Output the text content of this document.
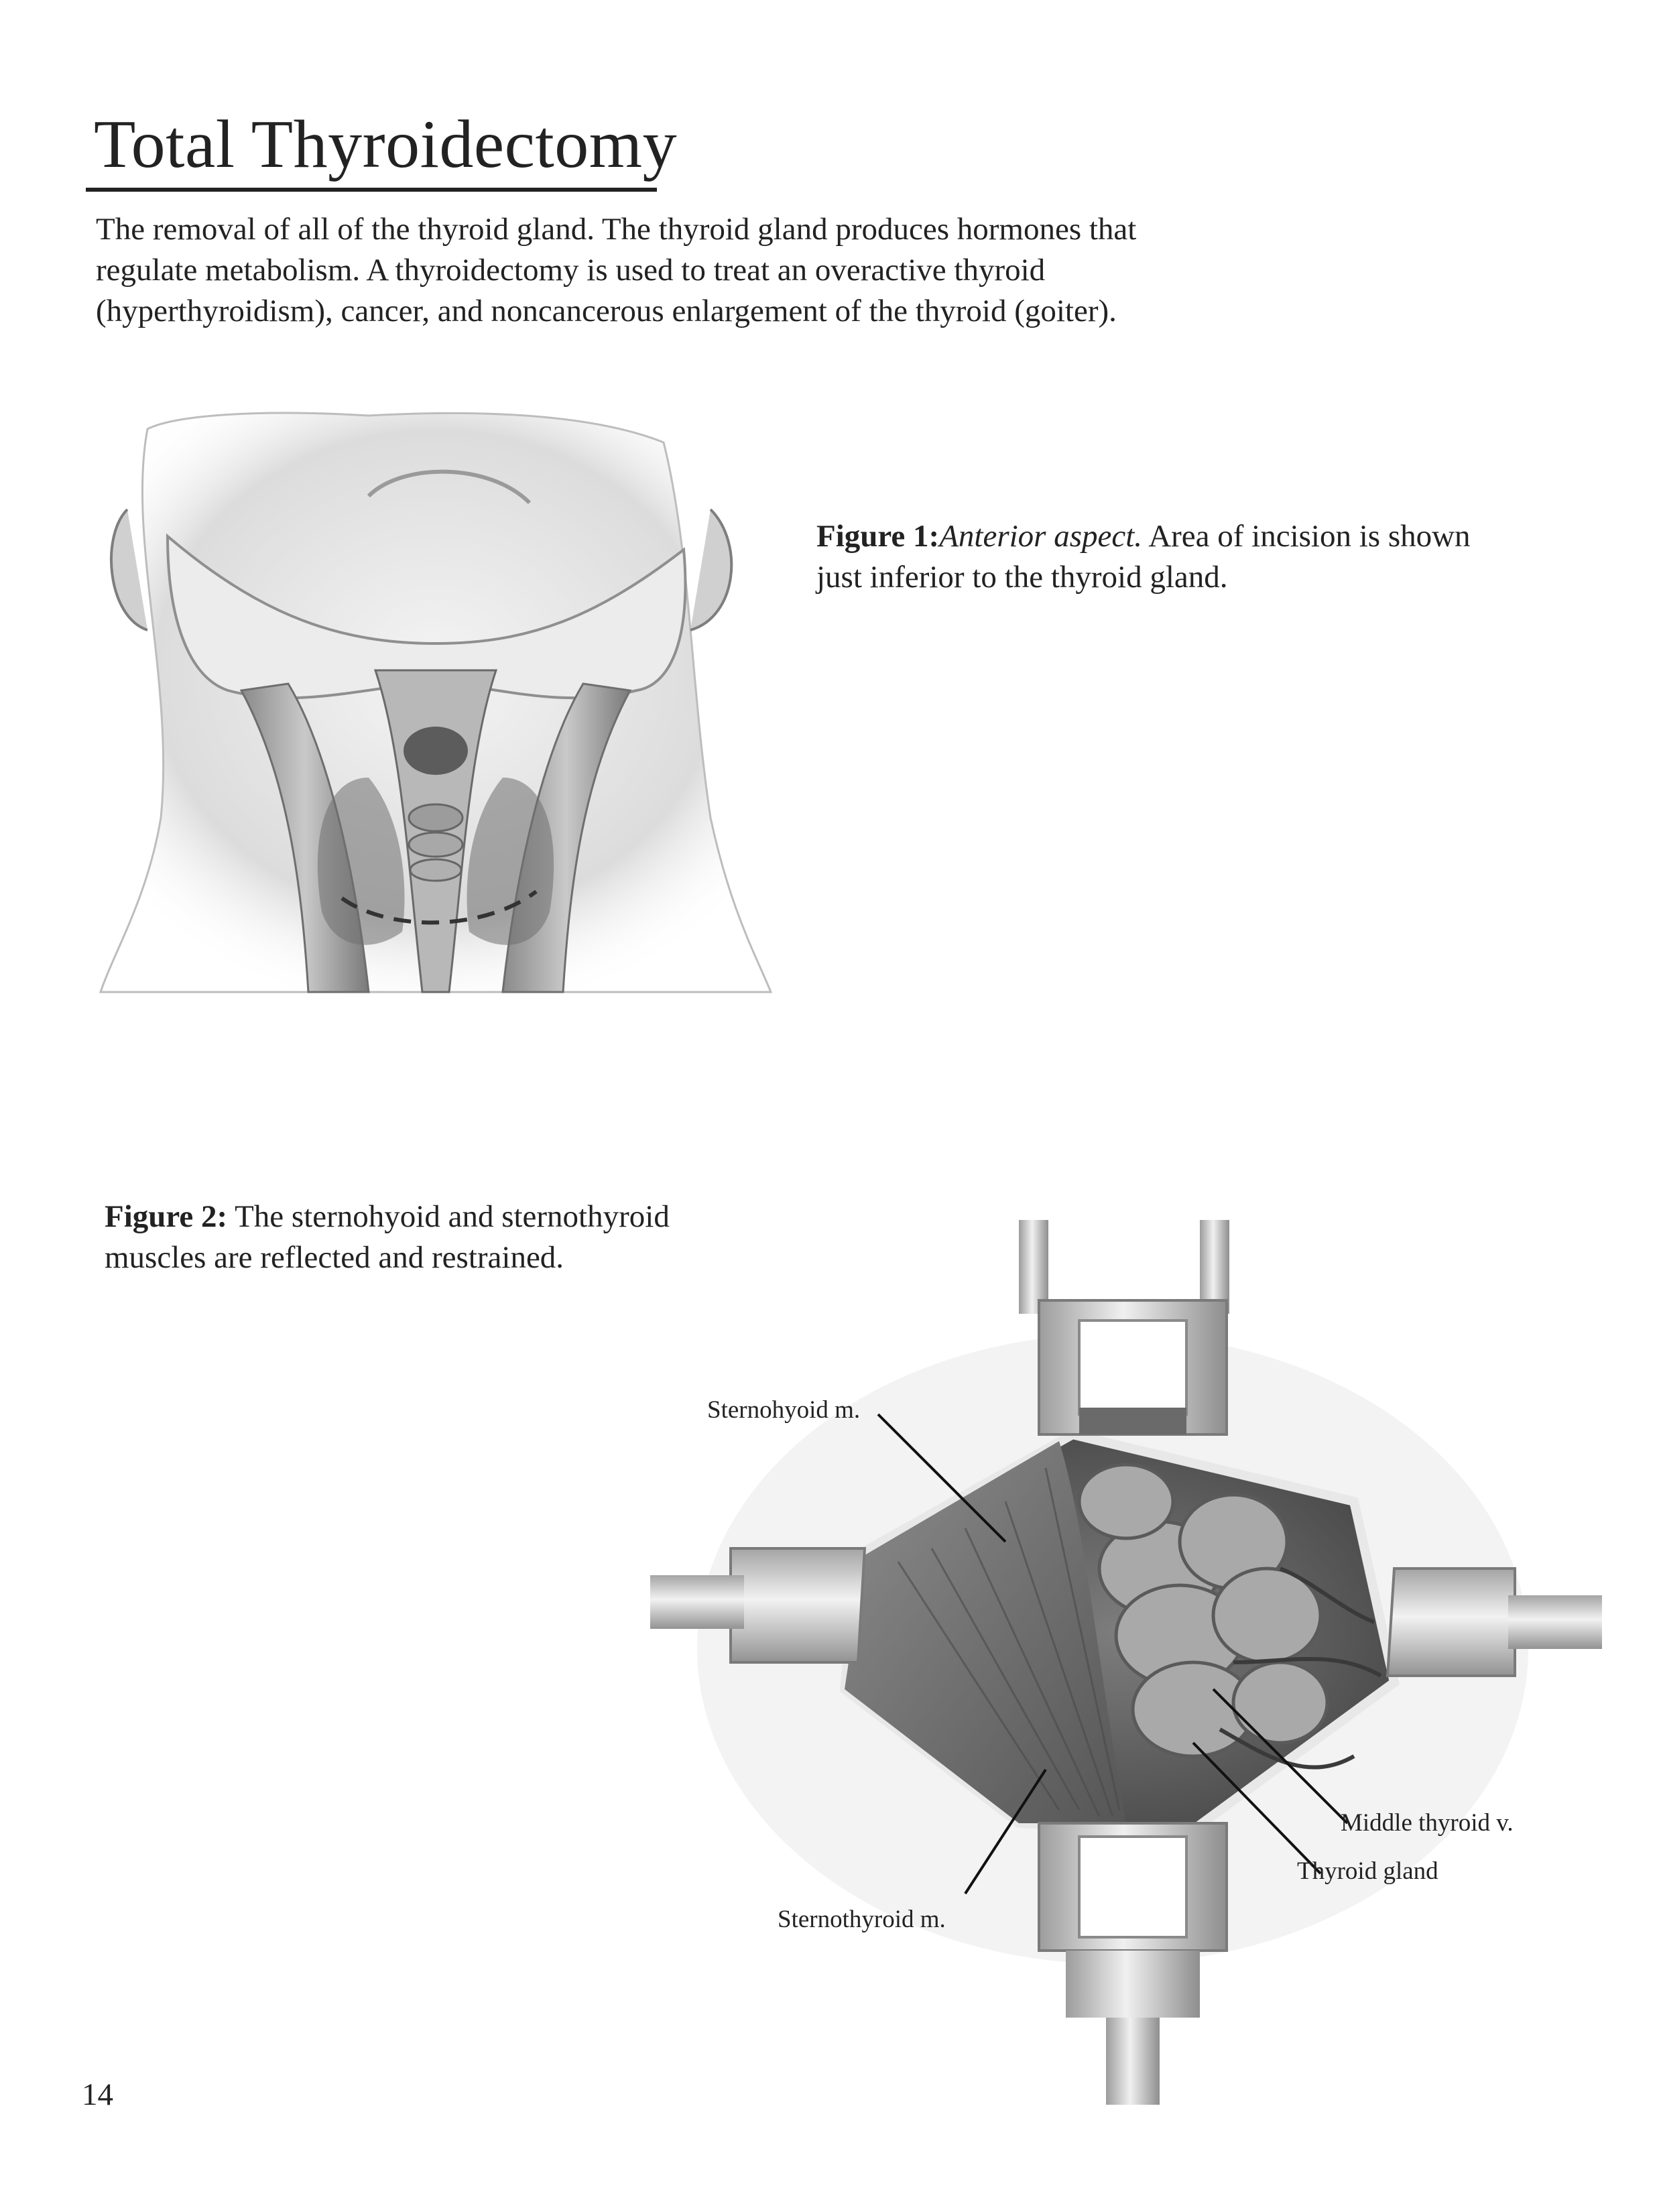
Total Thyroidectomy

The removal of all of the thyroid gland. The thyroid gland produces hormones that

regulate metabolism. A thyroidectomy is used to treat an overactive thyroid

(hyperthyroidism), cancer, and noncancerous enlargement of the thyroid (goiter).

Figure 1:Anterior aspect. Area of incision is shown
just inferior to the thyroid gland.
Figure 2: The sternohyoid and sternothyroid
muscles are reflected and restrained.
Sternohyoid m.
Sternothyroid m.
Middle thyroid v.
Thyroid gland
14
